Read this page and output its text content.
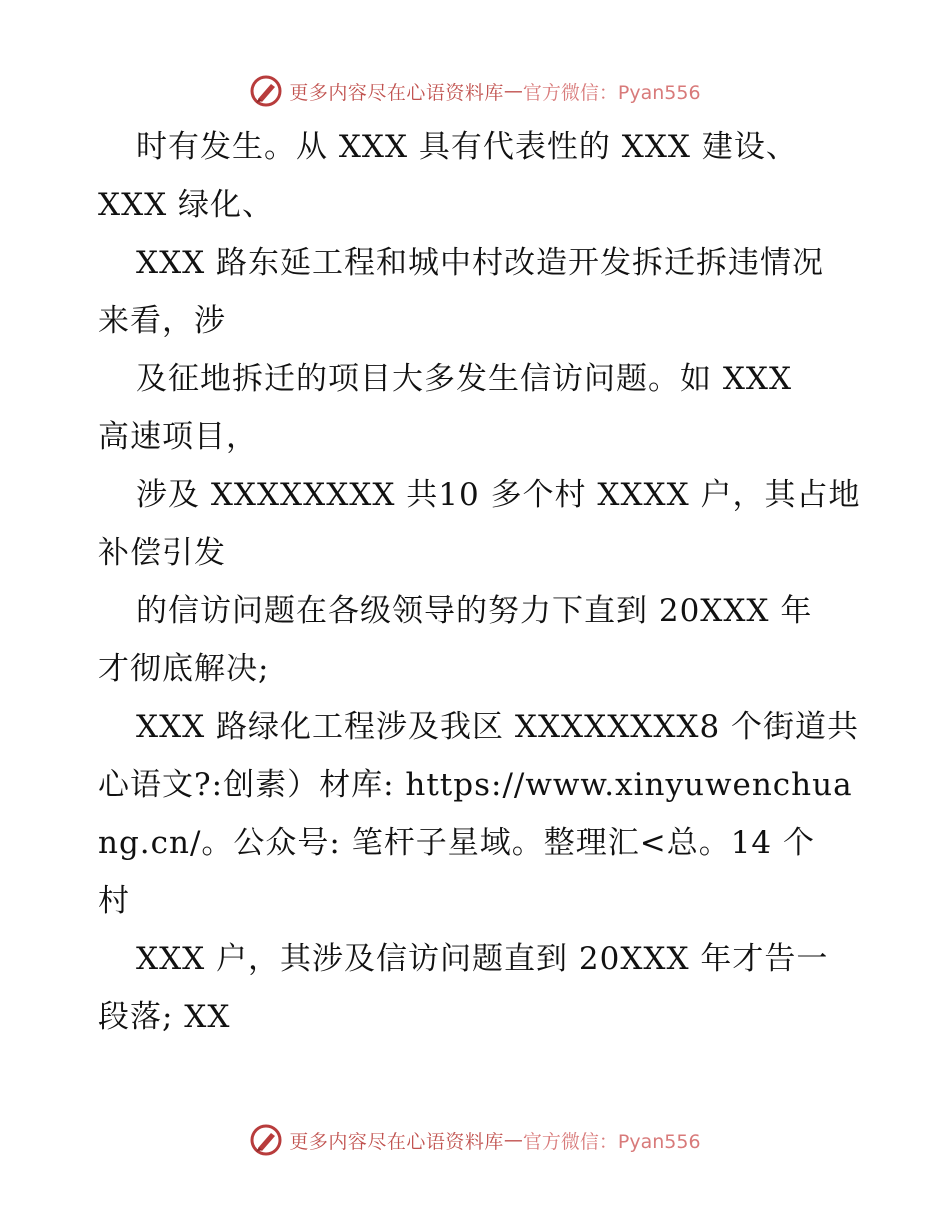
更多内容尽在心语资料库 — 官方微信：Pyan556
时有发生。从 XXX 具有代表性的 XXX 建设、
XXX 绿化、
XXX 路东延工程和城中村改造开发拆迁拆违情况
来看，涉
及征地拆迁的项目大多发生信访问题。如 XXX
高速项目，
涉及 XXXXXXXX 共10 多个村 XXXX 户，其占地
补偿引发
的信访问题在各级领导的努力下直到 20XXX 年
才彻底解决;
XXX 路绿化工程涉及我区 XXXXXXXX8 个街道共
心语文?:创素）材库: https://www.xinyuwenchua
ng.cn/。公众号: 笔杆子星域。整理汇<总。14 个
村
XXX 户，其涉及信访问题直到 20XXX 年才告一
段落; XX
更多内容尽在心语资料库 — 官方微信：Pyan556
